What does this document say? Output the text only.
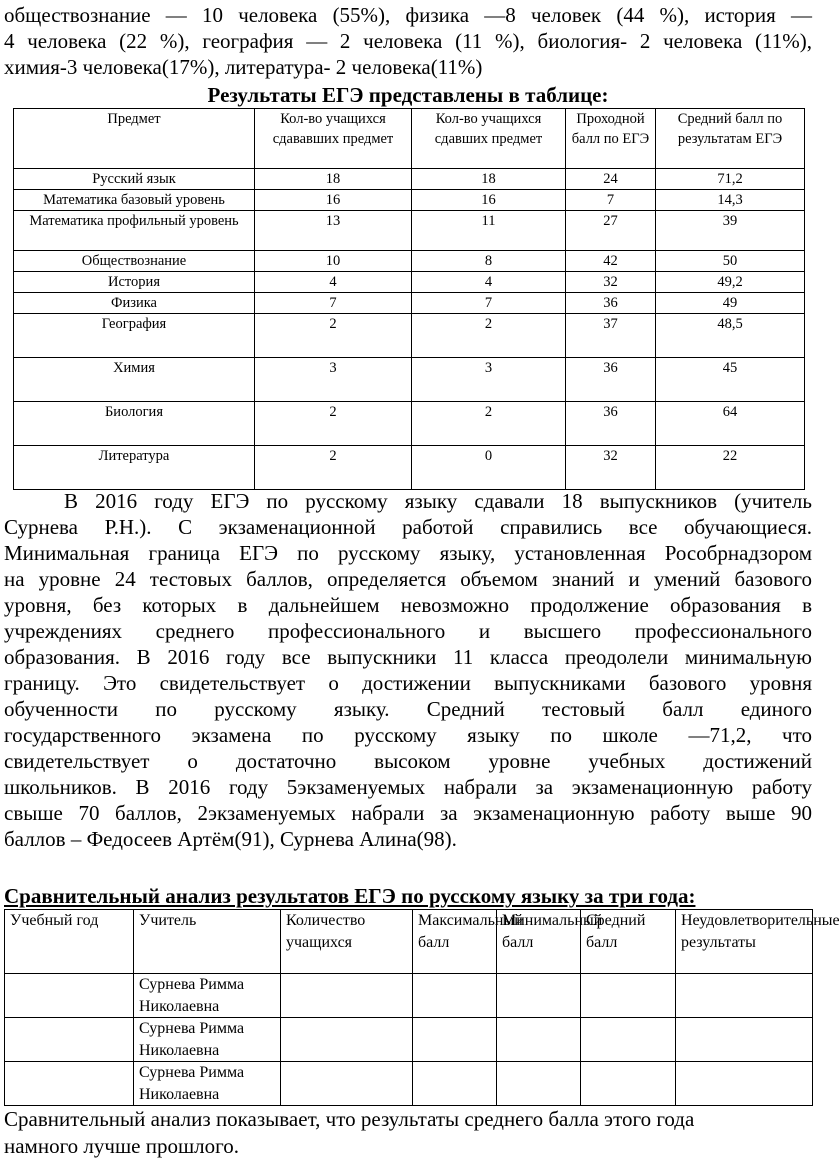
обществознание — 10 человека (55%), физика —8 человек (44 %), история —
4 человека (22 %), география — 2 человека (11 %), биология- 2 человека (11%),
химия-3 человека(17%), литература- 2 человека(11%)
Результаты ЕГЭ представлены в таблице:
Предмет	Кол-во учащихся сдававших предмет	Кол-во учащихся сдавших предмет	Проходной балл по ЕГЭ	Средний балл по результатам ЕГЭ
Русский язык	18	18	24	71,2
Математика базовый уровень	16	16	7	14,3
Математика профильный уровень	13	11	27	39
Обществознание	10	8	42	50
История	4	4	32	49,2
Физика	7	7	36	49
География	2	2	37	48,5
Химия	3	3	36	45
Биология	2	2	36	64
Литература	2	0	32	22
В 2016 году ЕГЭ по русскому языку сдавали 18 выпускников (учитель
Сурнева Р.Н.). С экзаменационной работой справились все обучающиеся.
Минимальная граница ЕГЭ по русскому языку, установленная Рособрнадзором
на уровне 24 тестовых баллов, определяется объемом знаний и умений базового
уровня, без которых в дальнейшем невозможно продолжение образования в
учреждениях среднего профессионального и высшего профессионального
образования. В 2016 году все выпускники 11 класса преодолели минимальную
границу. Это свидетельствует о достижении выпускниками базового уровня
обученности по русскому языку. Средний тестовый балл единого
государственного экзамена по русскому языку по школе —71,2, что
свидетельствует о достаточно высоком уровне учебных достижений
школьников. В 2016 году 5экзаменуемых набрали за экзаменационную работу
свыше 70 баллов, 2экзаменуемых набрали за экзаменационную работу выше 90
баллов – Федосеев Артём(91), Сурнева Алина(98).
Сравнительный анализ результатов ЕГЭ по русскому языку за три года:
Учебный год	Учитель	Количество учащихся	Максимальный балл	Минимальный балл	Средний балл	Неудовлетворительные результаты
	Сурнева Римма Николаевна					
	Сурнева Римма Николаевна					
	Сурнева Римма Николаевна					
Сравнительный анализ показывает, что результаты среднего балла этого года
намного лучше прошлого.
